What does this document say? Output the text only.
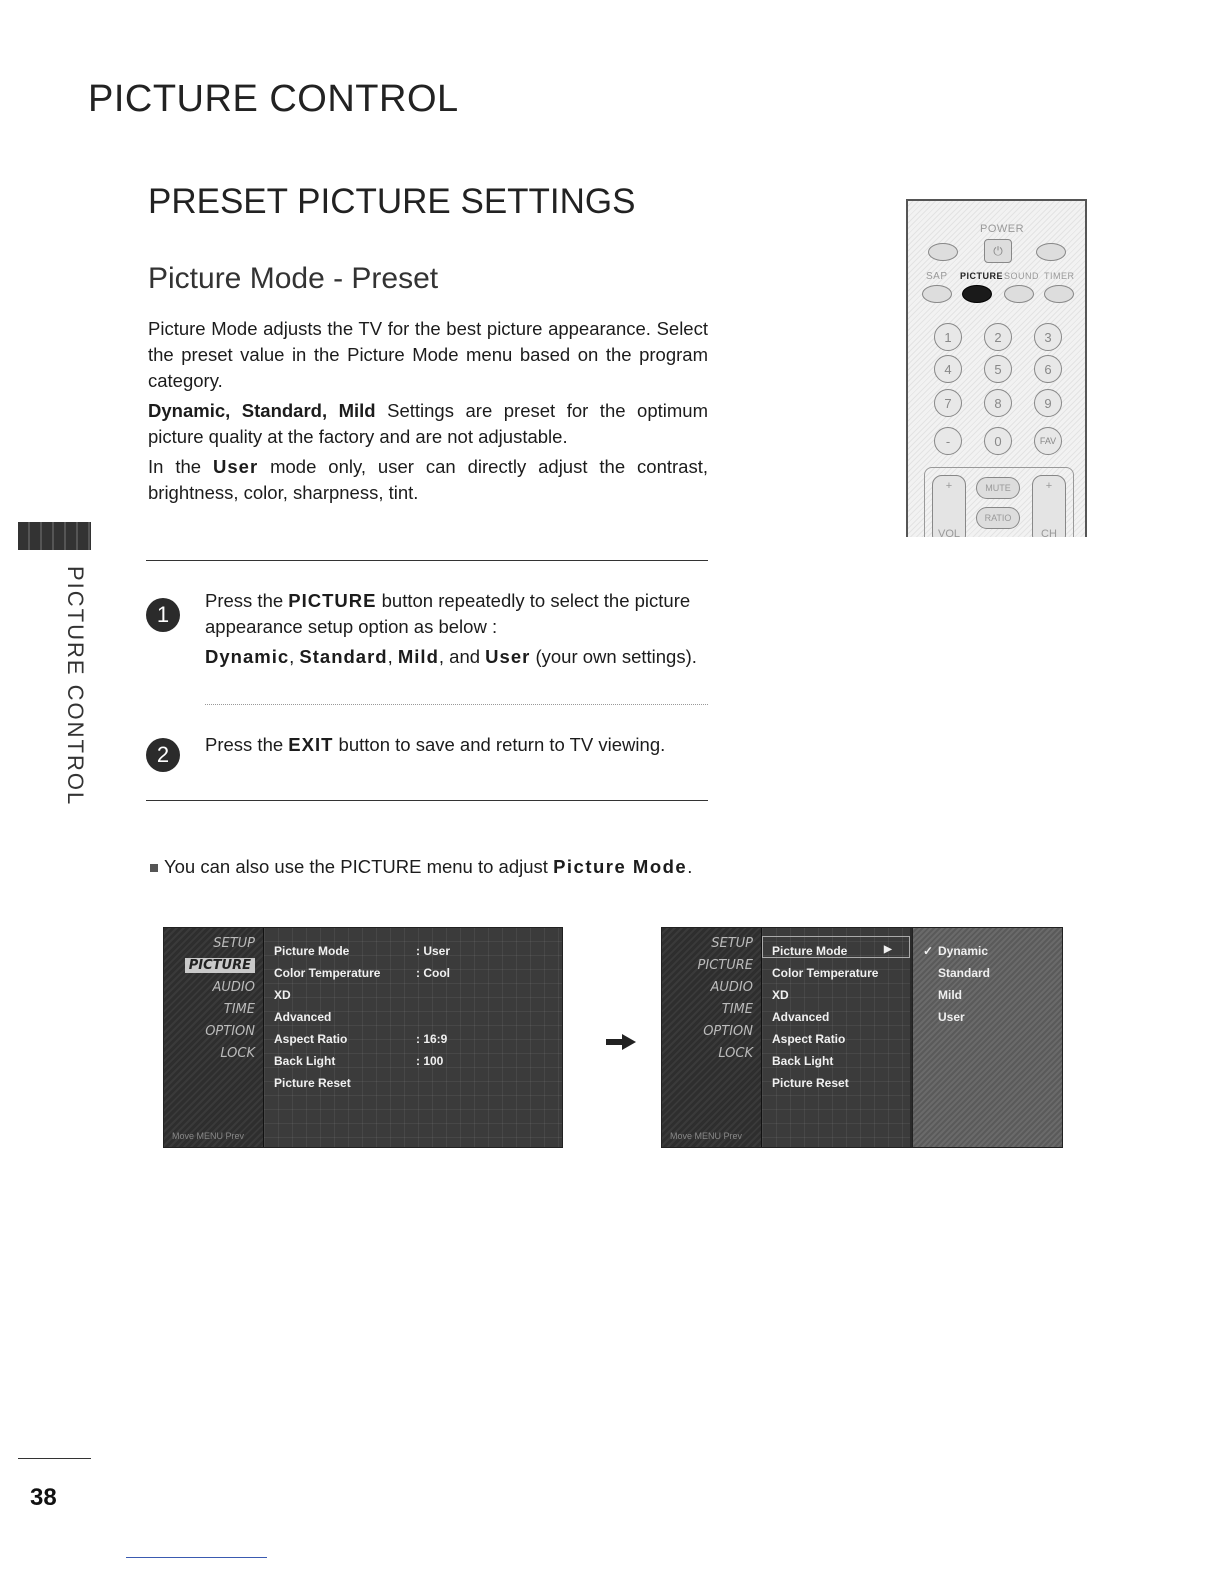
PICTURE CONTROL
PRESET PICTURE SETTINGS
Picture Mode - Preset

Picture Mode adjusts the TV for the best picture appearance. Select the preset value in the Picture Mode menu based on the program category.

Dynamic, Standard, Mild Settings are preset for the optimum picture quality at the factory and are not adjustable.

In the User mode only, user can directly adjust the contrast, brightness, color, sharpness, tint.

POWER
⏻
SAP PICTURE SOUND TIMER
1	2	3
4	5	6
7	8	9
-	0	FAV
+
VOL
MUTE
RATIO
+
CH
PICTURE CONTROL	1
Press the PICTURE button repeatedly to select the picture appearance setup option as below :
Dynamic, Standard, Mild, and User (your own settings).
2	Press the EXIT button to save and return to TV viewing.
You can also use the PICTURE menu to adjust Picture Mode.
SETUP
PICTURE
AUDIO
TIME
OPTION
LOCK
Move MENU Prev
Picture Mode	: User
Color Temperature	: Cool
XD
Advanced
Aspect Ratio	: 16:9
Back Light	: 100
Picture Reset
SETUP
PICTURE
AUDIO
TIME
OPTION
LOCK
Move MENU Prev
Picture Mode	▶
Color Temperature
XD
Advanced
Aspect Ratio
Back Light
Picture Reset
✓ Dynamic
Standard
Mild
User
38
